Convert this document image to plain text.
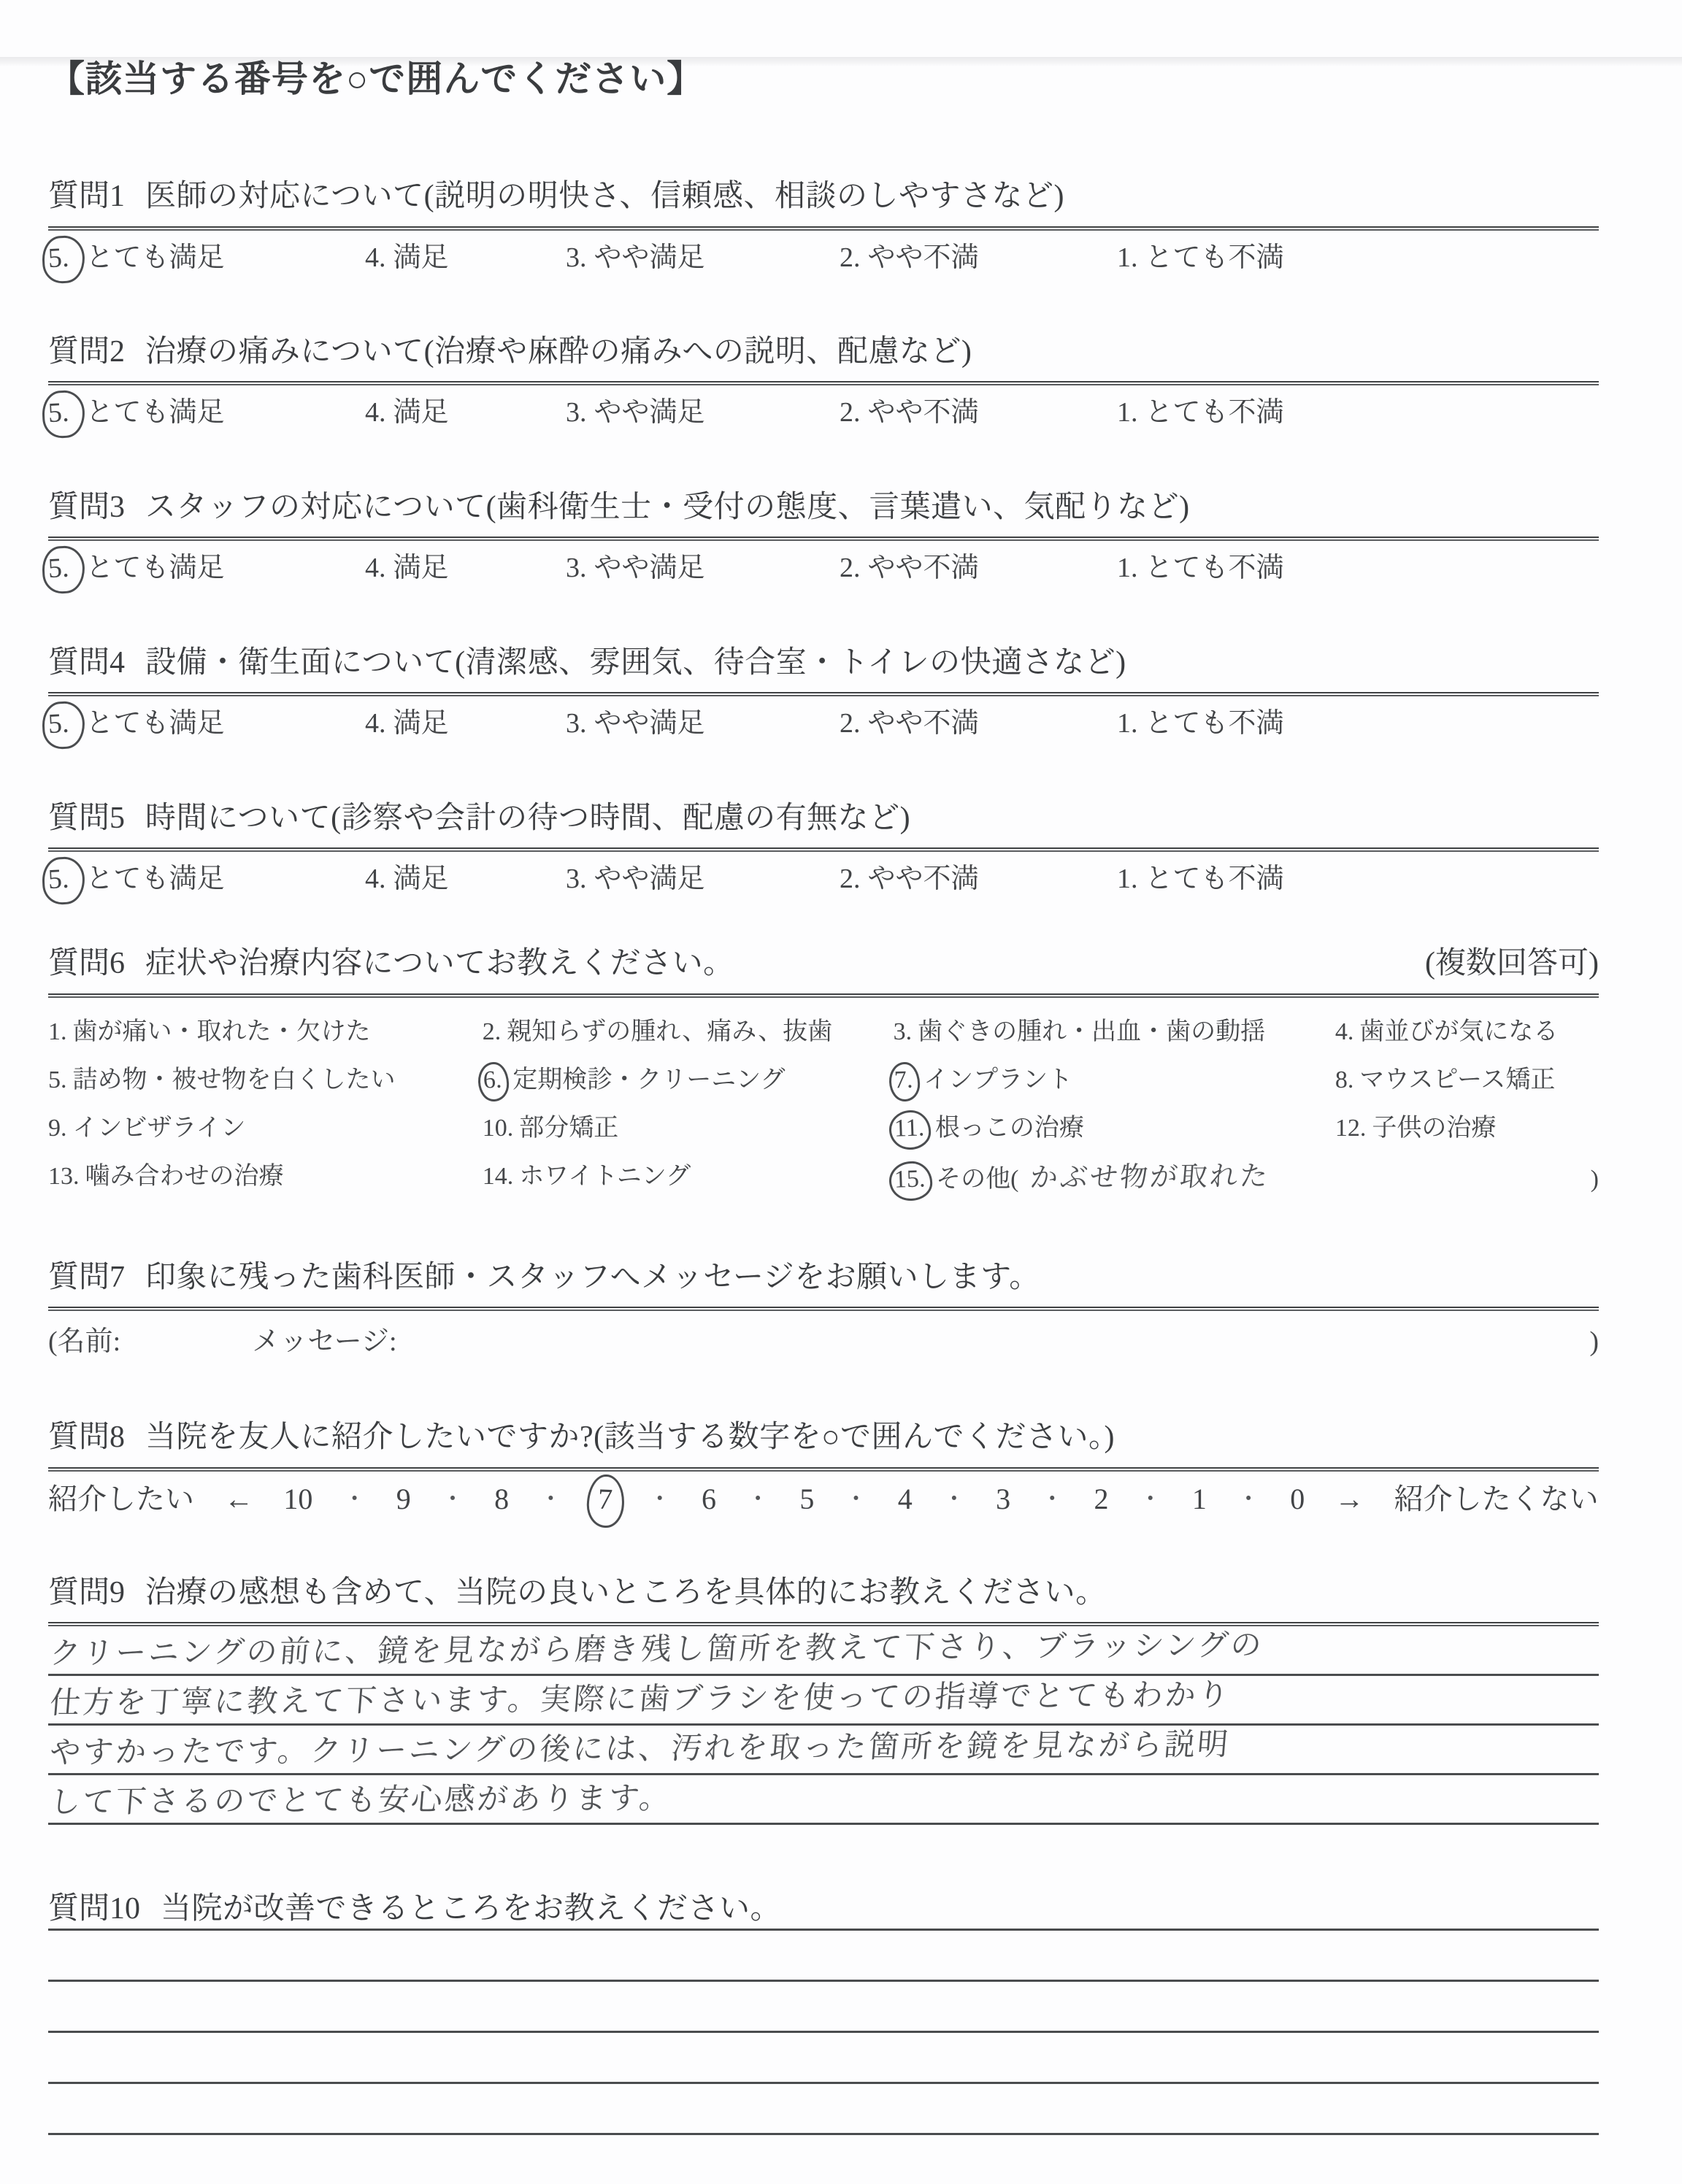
【該当する番号を○で囲んでください】
質問1 医師の対応について(説明の明快さ、信頼感、相談のしやすさなど)
5. とても満足	4. 満足	3. やや満足	2. やや不満	1. とても不満
質問2 治療の痛みについて(治療や麻酔の痛みへの説明、配慮など)
5. とても満足	4. 満足	3. やや満足	2. やや不満	1. とても不満
質問3 スタッフの対応について(歯科衛生士・受付の態度、言葉遣い、気配りなど)
5. とても満足	4. 満足	3. やや満足	2. やや不満	1. とても不満
質問4 設備・衛生面について(清潔感、雰囲気、待合室・トイレの快適さなど)
5. とても満足	4. 満足	3. やや満足	2. やや不満	1. とても不満
質問5 時間について(診察や会計の待つ時間、配慮の有無など)
5. とても満足	4. 満足	3. やや満足	2. やや不満	1. とても不満
質問6 症状や治療内容についてお教えください。	(複数回答可)
1. 歯が痛い・取れた・欠けた	2. 親知らずの腫れ、痛み、抜歯 3. 歯ぐきの腫れ・出血・歯の動揺	4. 歯並びが気になる
5. 詰め物・被せ物を白くしたい	6. 定期検診・クリーニング	7. インプラント	8. マウスピース矯正
9. インビザライン	10. 部分矯正	11. 根っこの治療	12. 子供の治療
13. 噛み合わせの治療	14. ホワイトニング	15. その他( かぶせ物が取れた	)
質問7 印象に残った歯科医師・スタッフへメッセージをお願いします。
(名前:	メッセージ:	)
質問8 当院を友人に紹介したいですか?(該当する数字を○で囲んでください。)
紹介したい ← 10 ・ 9 ・ 8 ・	7	・ 6 ・ 5 ・ 4 ・ 3 ・ 2 ・ 1 ・ 0 → 紹介したくない
質問9 治療の感想も含めて、当院の良いところを具体的にお教えください。
クリーニングの前に、鏡を見ながら磨き残し箇所を教えて下さり、ブラッシングの
仕方を丁寧に教えて下さいます。実際に歯ブラシを使っての指導でとてもわかり
やすかったです。クリーニングの後には、汚れを取った箇所を鏡を見ながら説明
して下さるのでとても安心感があります。
質問10 当院が改善できるところをお教えください。
